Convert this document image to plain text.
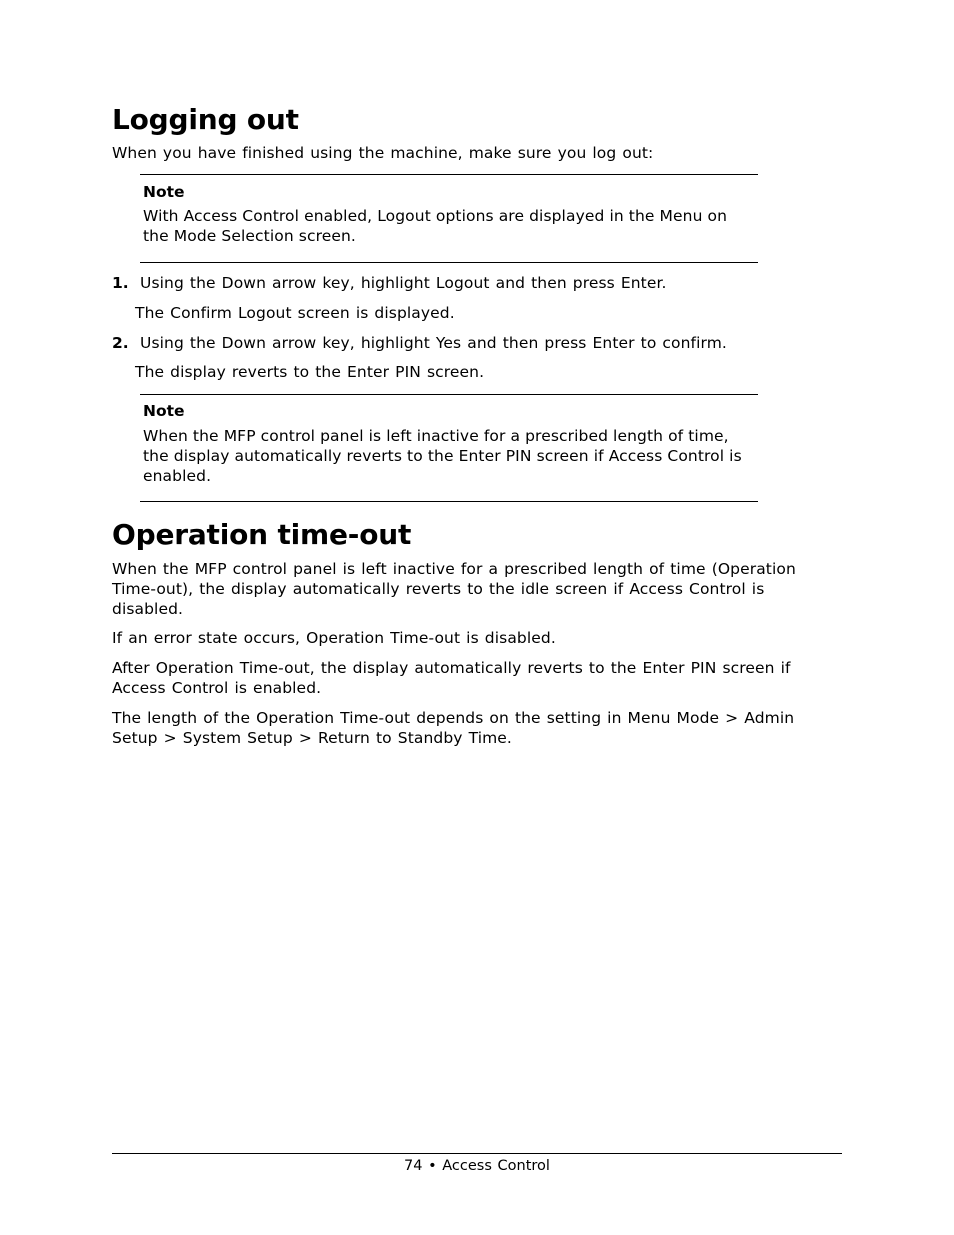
Logging out

When you have finished using the machine, make sure you log out:

Note

With Access Control enabled, Logout options are displayed in the Menu on the Mode Selection screen.

1. Using the Down arrow key, highlight Logout and then press Enter.

The Confirm Logout screen is displayed.

2. Using the Down arrow key, highlight Yes and then press Enter to confirm.

The display reverts to the Enter PIN screen.

Note

When the MFP control panel is left inactive for a prescribed length of time, the display automatically reverts to the Enter PIN screen if Access Control is enabled.

Operation time-out

When the MFP control panel is left inactive for a prescribed length of time (Operation Time-out), the display automatically reverts to the idle screen if Access Control is disabled.

If an error state occurs, Operation Time-out is disabled.

After Operation Time-out, the display automatically reverts to the Enter PIN screen if Access Control is enabled.

The length of the Operation Time-out depends on the setting in Menu Mode > Admin Setup > System Setup > Return to Standby Time.

74 • Access Control
